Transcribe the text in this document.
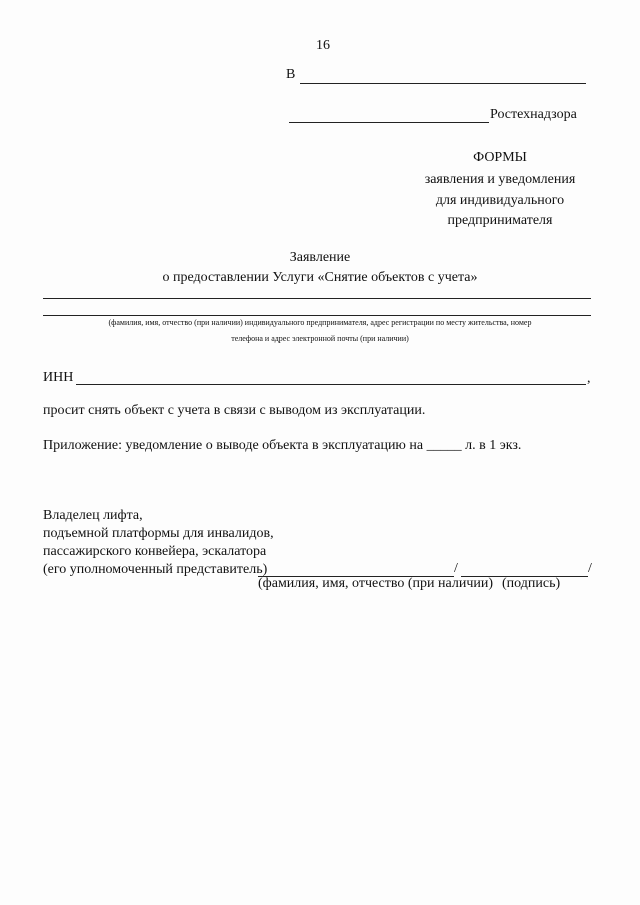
16
В
Ростехнадзора
ФОРМЫ
заявления и уведомления
для индивидуального
предпринимателя
Заявление
о предоставлении Услуги «Снятие объектов с учета»
(фамилия, имя, отчество (при наличии) индивидуального предпринимателя, адрес регистрации по месту жительства, номер
телефона и адрес электронной почты (при наличии)
ИНН	,
просит снять объект с учета в связи с выводом из эксплуатации.
Приложение: уведомление о выводе объекта в эксплуатацию на _____ л. в 1 экз.
Владелец лифта,
подъемной платформы для инвалидов,
пассажирского конвейера, эскалатора
(его уполномоченный представитель)	/	/
(фамилия, имя, отчество (при наличии) (подпись)
